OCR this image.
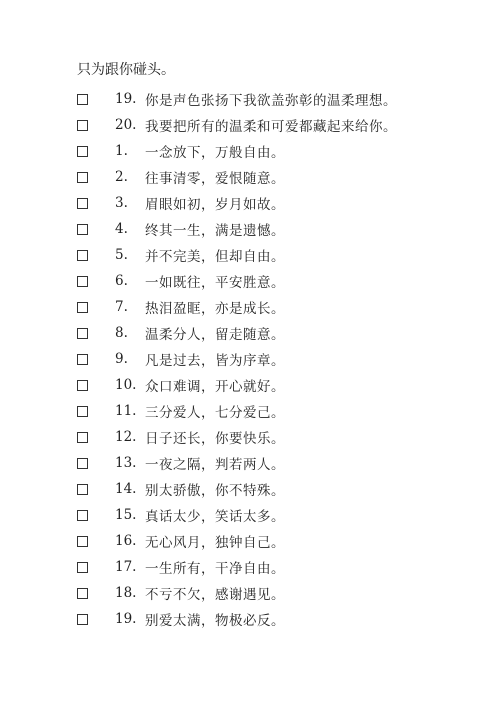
只为跟你碰头。
19. 你是声色张扬下我欲盖弥彰的温柔理想。
20. 我要把所有的温柔和可爱都藏起来给你。
1.	一念放下，万般自由。
2.	往事清零，爱恨随意。
3.	眉眼如初，岁月如故。
4.	终其一生，满是遗憾。
5.	并不完美，但却自由。
6.	一如既往，平安胜意。
7.	热泪盈眶，亦是成长。
8.	温柔分人，留走随意。
9.	凡是过去，皆为序章。
10. 众口难调，开心就好。
11. 三分爱人，七分爱己。
12. 日子还长，你要快乐。
13. 一夜之隔，判若两人。
14. 别太骄傲，你不特殊。
15. 真话太少，笑话太多。
16. 无心风月，独钟自己。
17. 一生所有，干净自由。
18. 不亏不欠，感谢遇见。
19. 别爱太满，物极必反。
